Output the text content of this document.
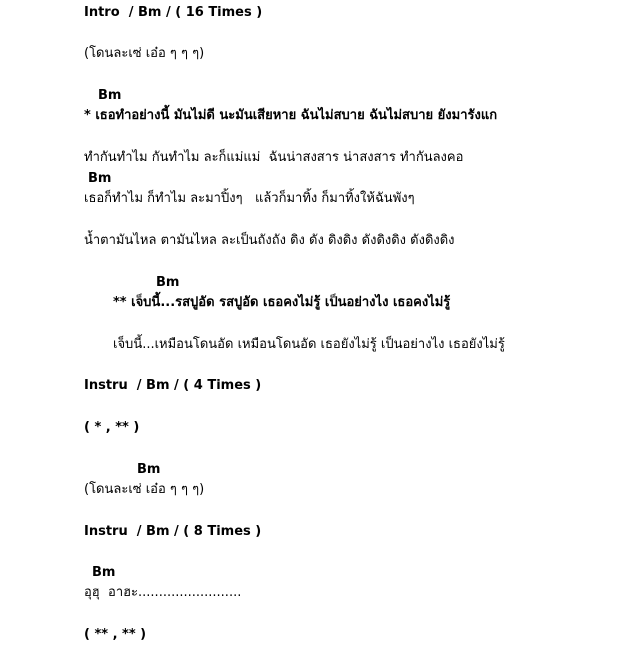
Intro  / Bm / ( 16 Times )
(โดนละเซ่ เอ๋อ ๆ ๆ ๆ)
Bm
* เธอทำอย่างนี้ มันไม่ดี นะมันเสียหาย ฉันไม่สบาย ฉันไม่สบาย ยังมารังแก
ทำกันทำไม กันทำไม ละก็แม่แม่  ฉันน่าสงสาร น่าสงสาร ทำกันลงคอ
Bm
เธอก็ทำไม ก็ทำไม ละมาปิ้งๆ   แล้วก็มาทิ้ง ก็มาทิ้งให้ฉันพังๆ
น้ำตามันไหล ตามันไหล ละเป็นถังถัง ดิง ดัง ดิงดิง ดังดิงดิง ดังดิงดิง
Bm
** เจ็บนี้...รสปูอัด รสปูอัด เธอคงไม่รู้ เป็นอย่างไง เธอคงไม่รู้
เจ็บนี้...เหมือนโดนอัด เหมือนโดนอัด เธอยังไม่รู้ เป็นอย่างไง เธอยังไม่รู้
Instru  / Bm / ( 4 Times )
( * , ** )
Bm
(โดนละเซ่ เอ๋อ ๆ ๆ ๆ)
Instru  / Bm / ( 8 Times )
Bm
อุฮุ  อาฮะ.........................
( ** , ** )
